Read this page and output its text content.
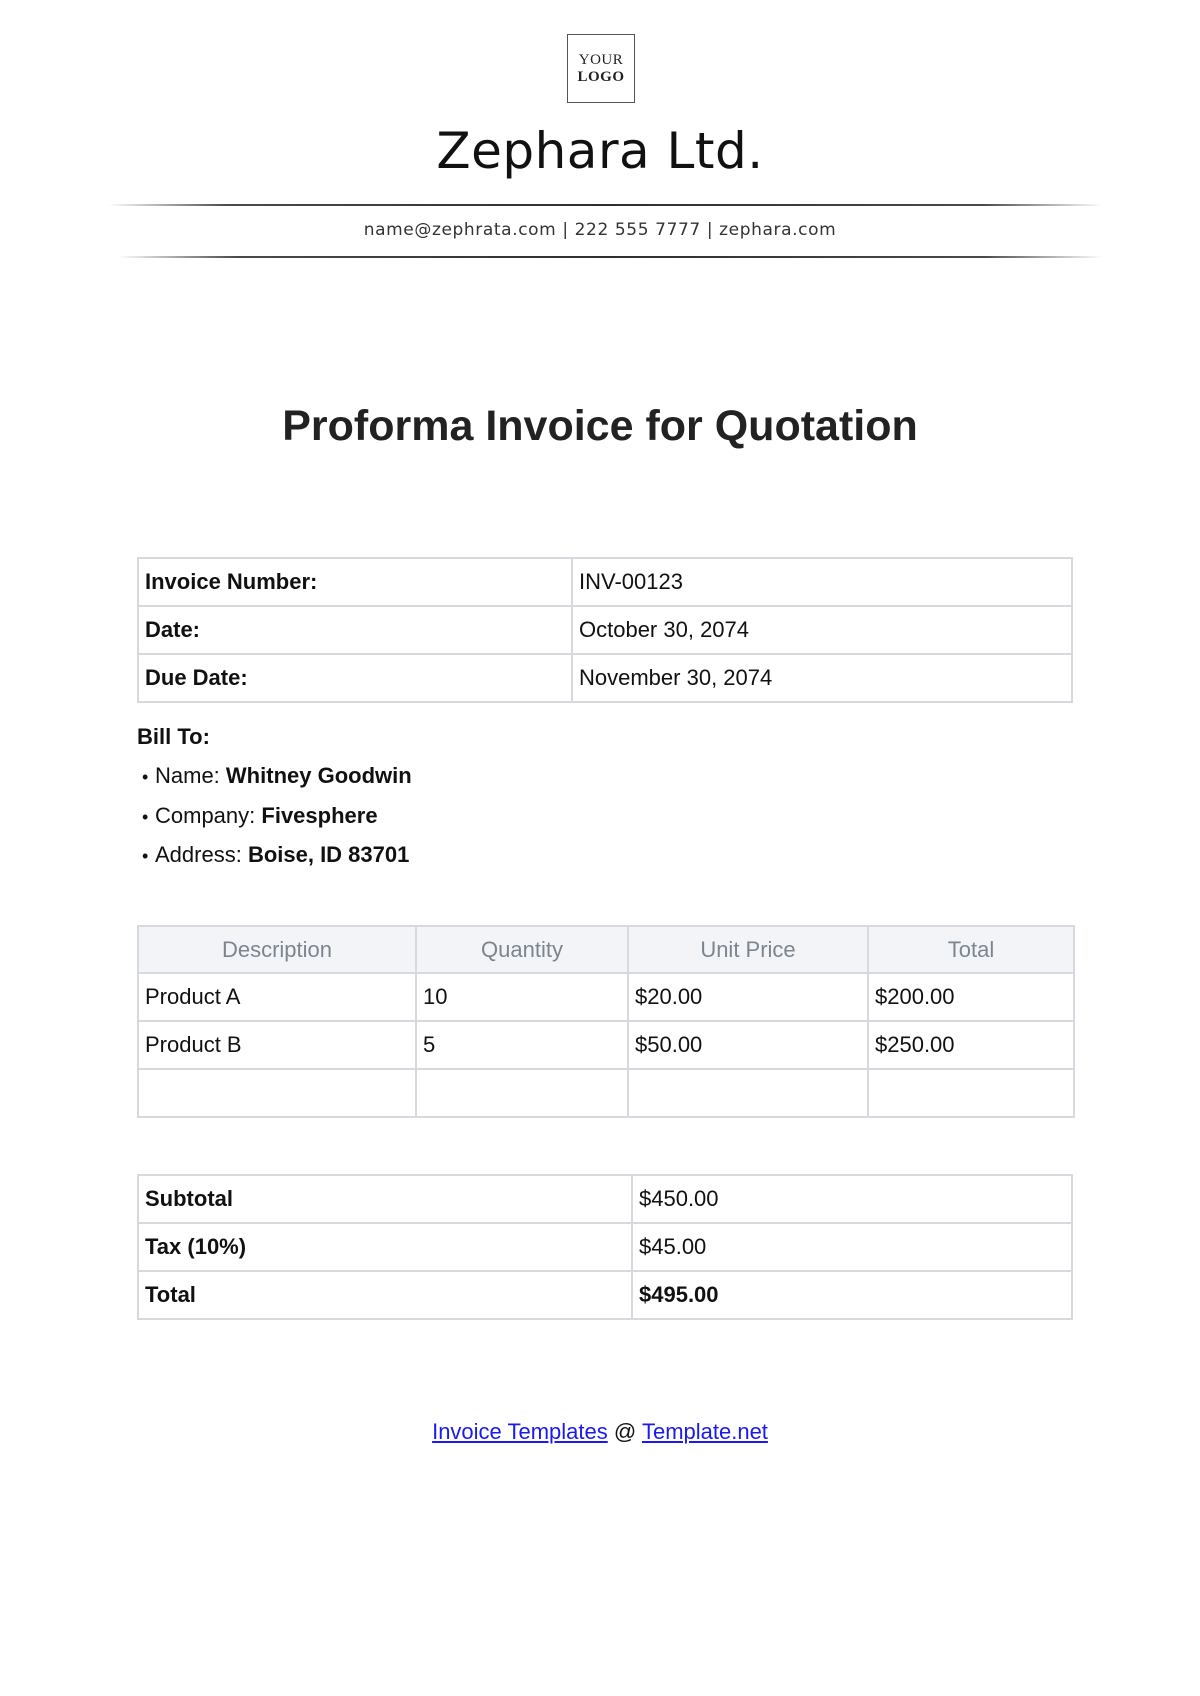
YOUR
LOGO
Zephara Ltd.
name@zephrata.com | 222 555 7777 | zephara.com
Proforma Invoice for Quotation
Invoice Number:	INV-00123
Date:	October 30, 2074
Due Date:	November 30, 2074
Bill To:
• Name: Whitney Goodwin
• Company: Fivesphere
• Address: Boise, ID 83701
Description	Quantity	Unit Price	Total
Product A	10	$20.00	$200.00
Product B	5	$50.00	$250.00

Subtotal	$450.00
Tax (10%)	$45.00
Total	$495.00
Invoice Templates @ Template.net
